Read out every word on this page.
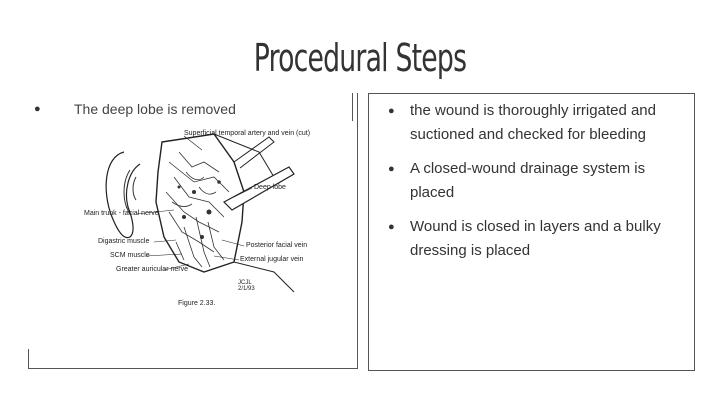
Procedural Steps
●	The deep lobe is removed
Superficial temporal artery and vein (cut)
Deep lobe
Main trunk - facial nerve
Digastric muscle
Posterior facial vein
SCM muscle
External jugular vein
Greater auricular nerve
JCJL
2/1/93
Figure 2.33.
●	the wound is thoroughly irrigated and suctioned and checked for bleeding
●	A closed-wound drainage system is placed
●	Wound is closed in layers and a bulky dressing is placed
